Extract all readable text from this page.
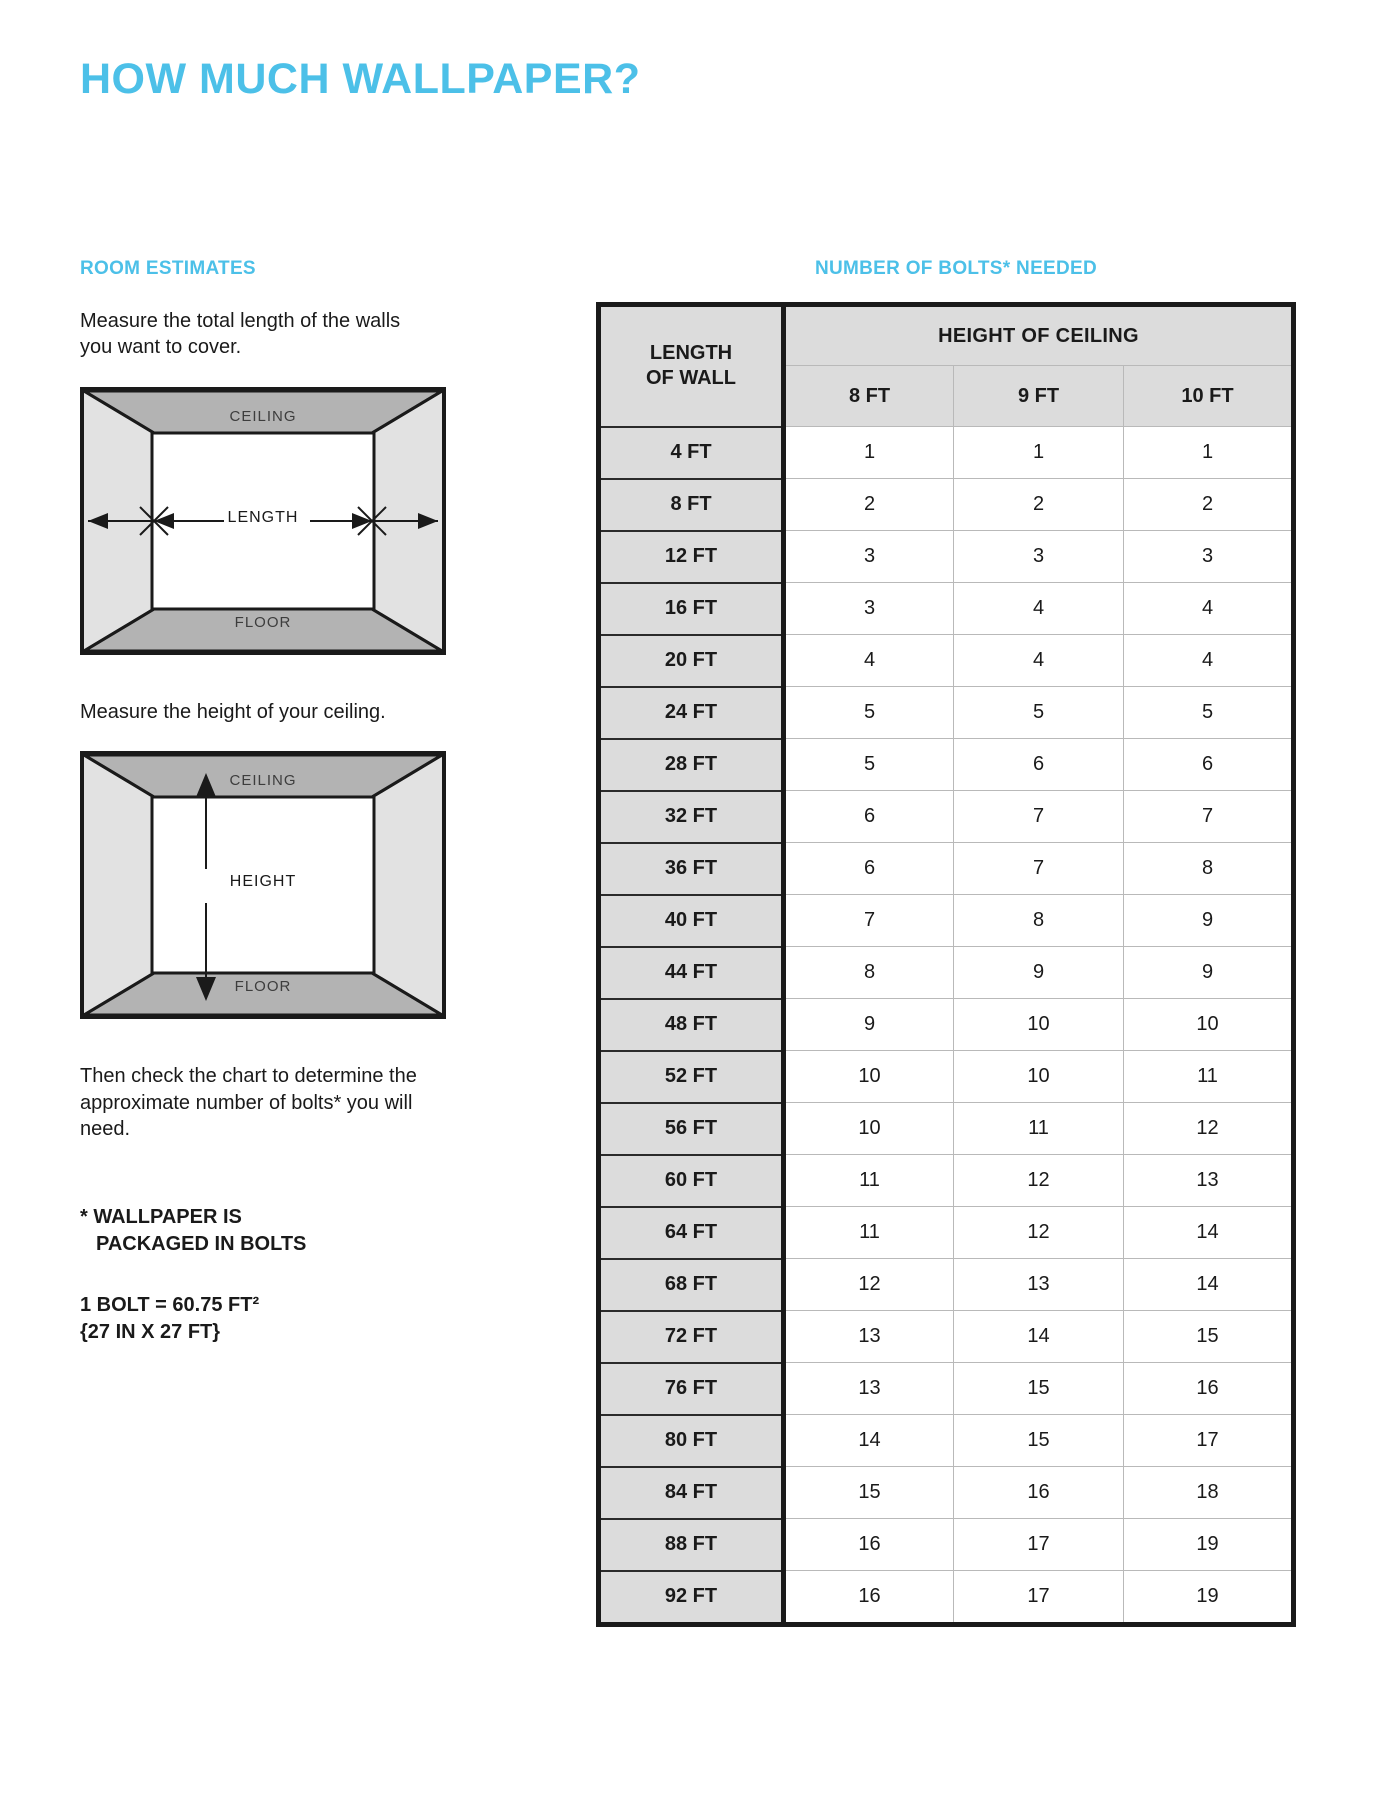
HOW MUCH WALLPAPER?
ROOM ESTIMATES
Measure the total length of the walls you want to cover.
CEILING
FLOOR
LENGTH
Measure the height of your ceiling.
CEILING
FLOOR
HEIGHT
Then check the chart to determine the approximate number of bolts* you will need.
* WALLPAPER IS
PACKAGED IN BOLTS
1 BOLT = 60.75 FT²
{27 IN X 27 FT}
NUMBER OF BOLTS* NEEDED
LENGTH
OF WALL	HEIGHT OF CEILING		
	8 FT	9 FT	10 FT
4 FT	1	1	1
8 FT	2	2	2
12 FT	3	3	3
16 FT	3	4	4
20 FT	4	4	4
24 FT	5	5	5
28 FT	5	6	6
32 FT	6	7	7
36 FT	6	7	8
40 FT	7	8	9
44 FT	8	9	9
48 FT	9	10	10
52 FT	10	10	11
56 FT	10	11	12
60 FT	11	12	13
64 FT	11	12	14
68 FT	12	13	14
72 FT	13	14	15
76 FT	13	15	16
80 FT	14	15	17
84 FT	15	16	18
88 FT	16	17	19
92 FT	16	17	19
